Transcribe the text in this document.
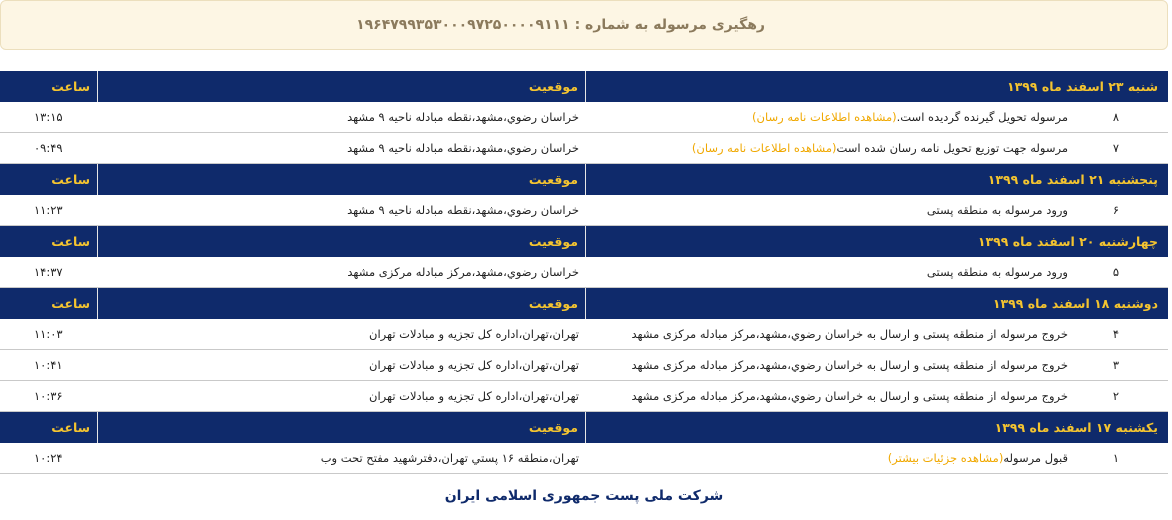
رهگیری مرسوله به شماره : ۱۹۶۴۷۹۹۳۵۳۰۰۰۹۷۲۵۰۰۰۰۹۱۱۱
شنبه ۲۳ اسفند ماه ۱۳۹۹
موقعیت
ساعت
۸
مرسوله تحویل گیرنده گردیده است.(مشاهده اطلاعات نامه رسان)
خراسان رضوي،مشهد،نقطه مبادله ناحيه ۹ مشهد
۱۳:۱۵
۷
مرسوله جهت توزیع تحویل نامه رسان شده است(مشاهده اطلاعات نامه رسان)
خراسان رضوي،مشهد،نقطه مبادله ناحيه ۹ مشهد
۰۹:۴۹
پنجشنبه ۲۱ اسفند ماه ۱۳۹۹
موقعیت
ساعت
۶
ورود مرسوله به منطقه پستی
خراسان رضوي،مشهد،نقطه مبادله ناحيه ۹ مشهد
۱۱:۲۳
چهارشنبه ۲۰ اسفند ماه ۱۳۹۹
موقعیت
ساعت
۵
ورود مرسوله به منطقه پستی
خراسان رضوي،مشهد،مرکز مبادله مرکزی مشهد
۱۴:۳۷
دوشنبه ۱۸ اسفند ماه ۱۳۹۹
موقعیت
ساعت
۴
خروج مرسوله از منطقه پستی و ارسال به خراسان رضوي،مشهد،مرکز مبادله مرکزی مشهد
تهران،تهران،اداره کل تجزیه و مبادلات تهران
۱۱:۰۳
۳
خروج مرسوله از منطقه پستی و ارسال به خراسان رضوي،مشهد،مرکز مبادله مرکزی مشهد
تهران،تهران،اداره کل تجزیه و مبادلات تهران
۱۰:۴۱
۲
خروج مرسوله از منطقه پستی و ارسال به خراسان رضوي،مشهد،مرکز مبادله مرکزی مشهد
تهران،تهران،اداره کل تجزیه و مبادلات تهران
۱۰:۳۶
یکشنبه ۱۷ اسفند ماه ۱۳۹۹
موقعیت
ساعت
۱
قبول مرسوله(مشاهده جزئیات بیشتر)
تهران،منطقه ۱۶ پستي تهران،دفترشهيد مفتح تحت وب
۱۰:۲۴
شرکت ملی پست جمهوری اسلامی ایران
